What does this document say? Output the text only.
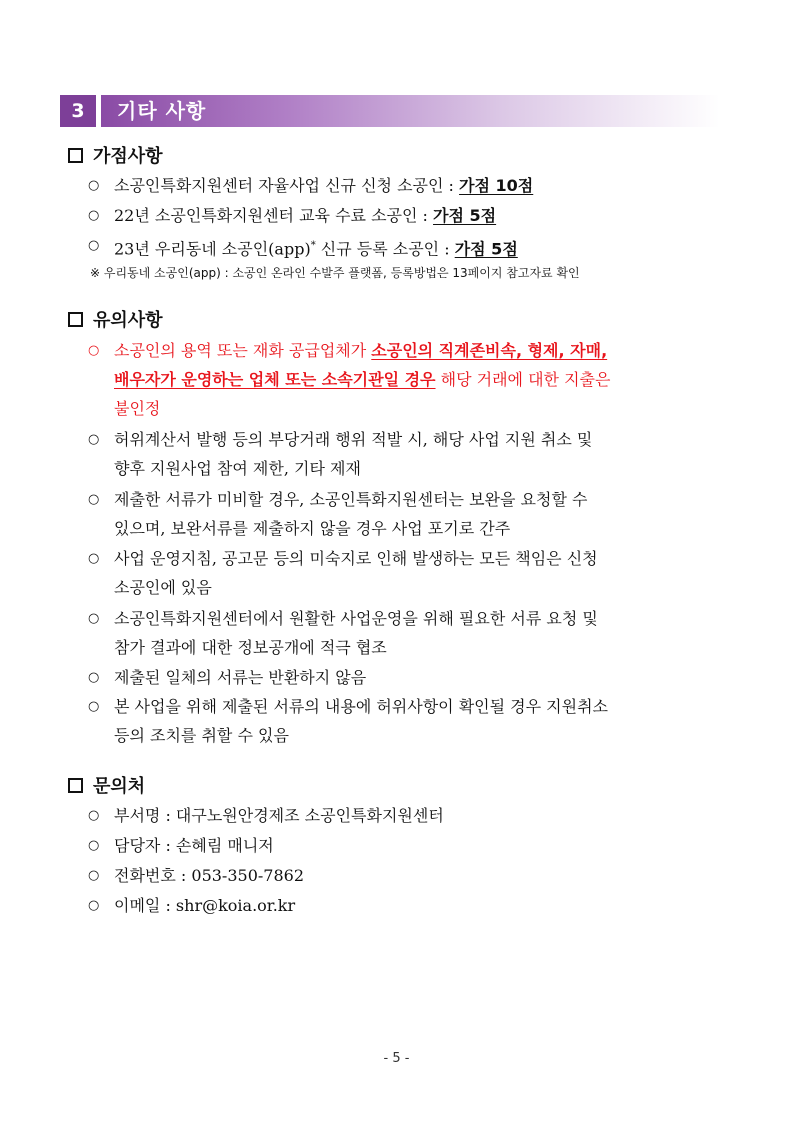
3	기타 사항
가점사항
○ 소공인특화지원센터 자율사업 신규 신청 소공인 : 가점 10점
○ 22년 소공인특화지원센터 교육 수료 소공인 : 가점 5점
○ 23년 우리동네 소공인(app)* 신규 등록 소공인 : 가점 5점
※ 우리동네 소공인(app) : 소공인 온라인 수발주 플랫폼, 등록방법은 13페이지 참고자료 확인
유의사항
○ 소공인의 용역 또는 재화 공급업체가 소공인의 직계존비속, 형제, 자매,
배우자가 운영하는 업체 또는 소속기관일 경우 해당 거래에 대한 지출은
불인정
○ 허위계산서 발행 등의 부당거래 행위 적발 시, 해당 사업 지원 취소 및
향후 지원사업 참여 제한, 기타 제재
○ 제출한 서류가 미비할 경우, 소공인특화지원센터는 보완을 요청할 수
있으며, 보완서류를 제출하지 않을 경우 사업 포기로 간주
○ 사업 운영지침, 공고문 등의 미숙지로 인해 발생하는 모든 책임은 신청
소공인에 있음
○ 소공인특화지원센터에서 원활한 사업운영을 위해 필요한 서류 요청 및
참가 결과에 대한 정보공개에 적극 협조
○ 제출된 일체의 서류는 반환하지 않음
○ 본 사업을 위해 제출된 서류의 내용에 허위사항이 확인될 경우 지원취소
등의 조치를 취할 수 있음
문의처
○ 부서명 : 대구노원안경제조 소공인특화지원센터
○ 담당자 : 손혜림 매니저
○ 전화번호 : 053-350-7862
○ 이메일 : shr@koia.or.kr
- 5 -
